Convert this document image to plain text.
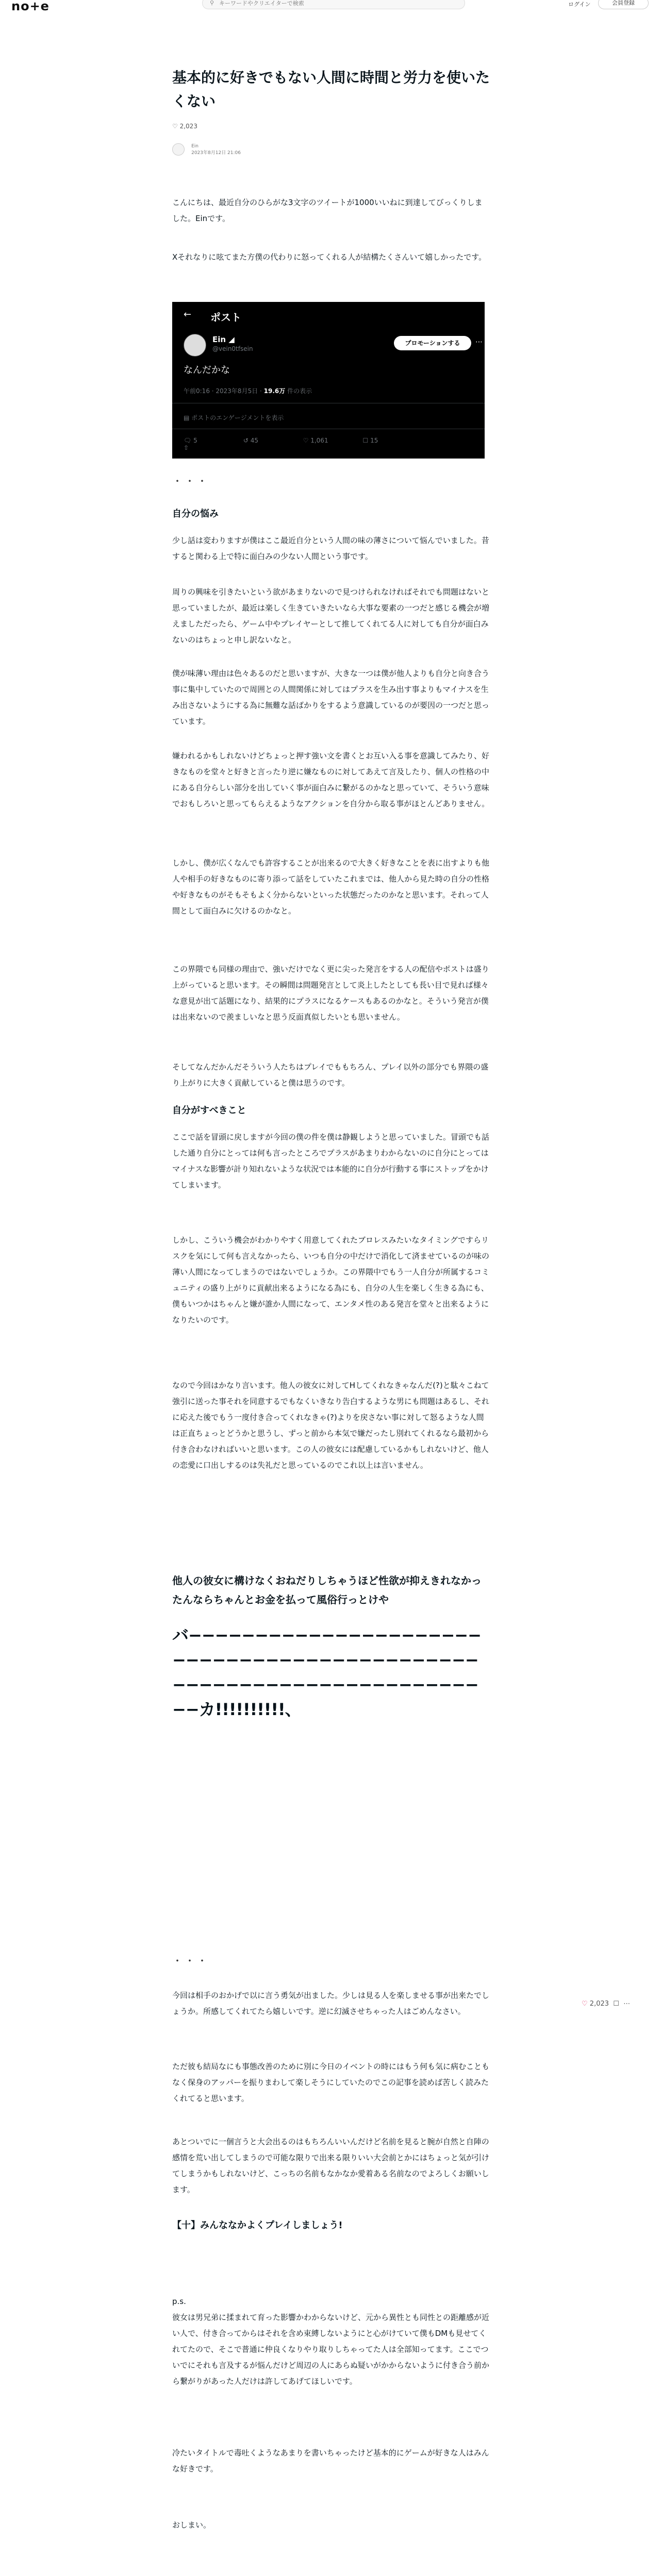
no+e	⚲
キーワードやクリエイターで検索	ログイン	会員登録
基本的に好きでもない人間に時間と労力を使いたくない
♡ 2,023
Ein
2023年8月12日 21:06

こんにちは、最近自分のひらがな3文字のツイートが1000いいねに到達してびっくりしました。Einです。

Xそれなりに呟てまた方僕の代わりに怒ってくれる人が結構たくさんいて嬉しかったです。

← ポスト
Ein ◢
@vein0tfsein
プロモーションする	⋯
なんだかな
午前0:16 · 2023年8月5日 · 19.6万 件の表示
▤ ポストのエンゲージメントを表示
🗨 5	↺ 45	♡ 1,061	☐ 15 ⇧
・・・
自分の悩み

少し話は変わりますが僕はここ最近自分という人間の味の薄さについて悩んでいました。昔すると関わる上で特に面白みの少ない人間という事です。

周りの興味を引きたいという欲があまりないので見つけられなければそれでも問題はないと思っていましたが、最近は楽しく生きていきたいなら大事な要素の一つだと感じる機会が増えましただったら、ゲーム中やプレイヤーとして推してくれてる人に対しても自分が面白みないのはちょっと申し訳ないなと。

僕が味薄い理由は色々あるのだと思いますが、大きな一つは僕が他人よりも自分と向き合う事に集中していたので周囲との人間関係に対してはプラスを生み出す事よりもマイナスを生み出さないようにする為に無難な話ばかりをするよう意識しているのが要因の一つだと思っています。

嫌われるかもしれないけどちょっと押す強い文を書くとお互い入る事を意識してみたり、好きなものを堂々と好きと言ったり逆に嫌なものに対してあえて言及したり、個人の性格の中にある自分らしい部分を出していく事が面白みに繋がるのかなと思っていて、そういう意味でおもしろいと思ってもらえるようなアクションを自分から取る事がほとんどありません。

しかし、僕が広くなんでも許容することが出来るので大きく好きなことを表に出すよりも他人や相手の好きなものに寄り添って話をしていたこれまでは、他人から見た時の自分の性格や好きなものがそもそもよく分からないといった状態だったのかなと思います。それって人間として面白みに欠けるのかなと。

この界隈でも同様の理由で、強いだけでなく更に尖った発言をする人の配信やポストは盛り上がっていると思います。その瞬間は問題発言として炎上したとしても長い目で見れば様々な意見が出て話題になり、結果的にプラスになるケースもあるのかなと。そういう発言が僕は出来ないので羨ましいなと思う反面真似したいとも思いません。

そしてなんだかんだそういう人たちはプレイでももちろん、プレイ以外の部分でも界隈の盛り上がりに大きく貢献していると僕は思うのです。

自分がすべきこと

ここで話を冒頭に戻しますが今回の僕の件を僕は静観しようと思っていました。冒頭でも話した通り自分にとっては何も言ったところでプラスがあまりわからないのに自分にとってはマイナスな影響が計り知れないような状況では本能的に自分が行動する事にストップをかけてしまいます。

しかし、こういう機会がわかりやすく用意してくれたブロレスみたいなタイミングですらリスクを気にして何も言えなかったら、いつも自分の中だけで消化して済ませているのが味の薄い人間になってしまうのではないでしょうか。この界隈中でもう一人自分が所属するコミュニティの盛り上がりに貢献出来るようになる為にも、自分の人生を楽しく生きる為にも、僕もいつかはちゃんと嫌が誰か人間になって、エンタメ性のある発言を堂々と出来るようになりたいのです。

なので今回はかなり言います。他人の彼女に対してHしてくれなきゃなんだ(?)と駄々こねて強引に送った事それを同意するでもなくいきなり告白するような男にも問題はあるし、それに応えた後でもう一度付き合ってくれなきゃ(?)よりを戻さない事に対して怒るような人間は正直ちょっとどうかと思うし、ずっと前から本気で嫌だったし別れてくれるなら最初から付き合わなければいいと思います。この人の彼女には配慮しているかもしれないけど、他人の恋愛に口出しするのは失礼だと思っているのでこれ以上は言いません。

他人の彼女に構けなくおねだりしちゃうほど性欲が抑えきれなかったんならちゃんとお金を払って風俗行っとけや
バ−−−−−−−−−−−−−−−−−−−−−−−−−−−−−−−−−−−−−−−−−−−−−−−−−−−−−−−−−−−−−−−−−−−−−−カ!!!!!!!!!!、
・・・

今回は相手のおかげで以に言う勇気が出ました。少しは見る人を楽しませる事が出来たでしょうか。所感してくれてたら嬉しいです。逆に幻滅させちゃった人はごめんなさい。

ただ彼も結局なにも事態改善のために別に今日のイベントの時にはもう何も気に病むこともなく保身のアッパーを振りまわして楽しそうにしていたのでこの記事を読めば苦しく読みたくれてると思います。

あとついでに一個言うと大会出るのはもちろんいいんだけど名前を見ると腕が自然と自陣の感情を荒い出してしまうので可能な限りで出来る限りいい大会前とかにはちょっと気が引けてしまうかもしれないけど、こっちの名前もなかなか愛着ある名前なのでよろしくお願いします。

【十】みんななかよくプレイしましょう!

p.s.
彼女は男兄弟に揉まれて育った影響かわからないけど、元から異性とも同性との距離感が近い人で、付き合ってからはそれを含め束縛しないようにと心がけていて僕もDMも見せてくれてたので、そこで普通に仲良くなりやり取りしちゃってた人は全部知ってます。ここでついでにそれも言及するが悩んだけど周辺の人にあらぬ疑いがかからないように付き合う前から繋がりがあった人だけは許してあげてほしいです。

冷たいタイトルで毒吐くようなあまりを書いちゃったけど基本的にゲームが好きな人はみんな好きです。

おしまい。

♡ 2,023 ☐ ⋯
